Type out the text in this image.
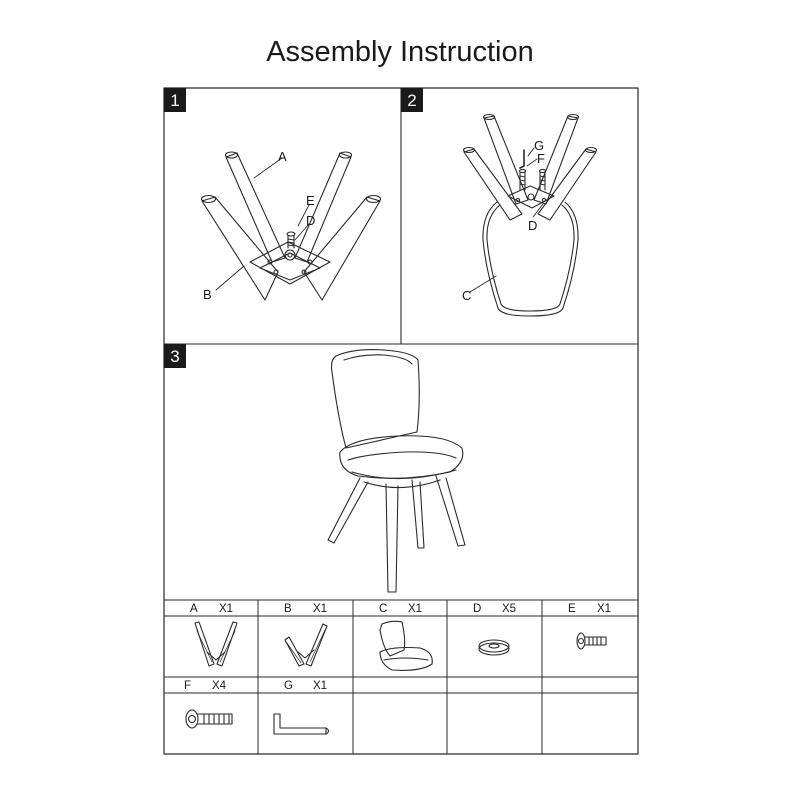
Assembly Instruction
1	2
3
A
E
D
B
G
F
D
C
A X1	B X1	C X1	D X5	E X1
F X4	G X1
